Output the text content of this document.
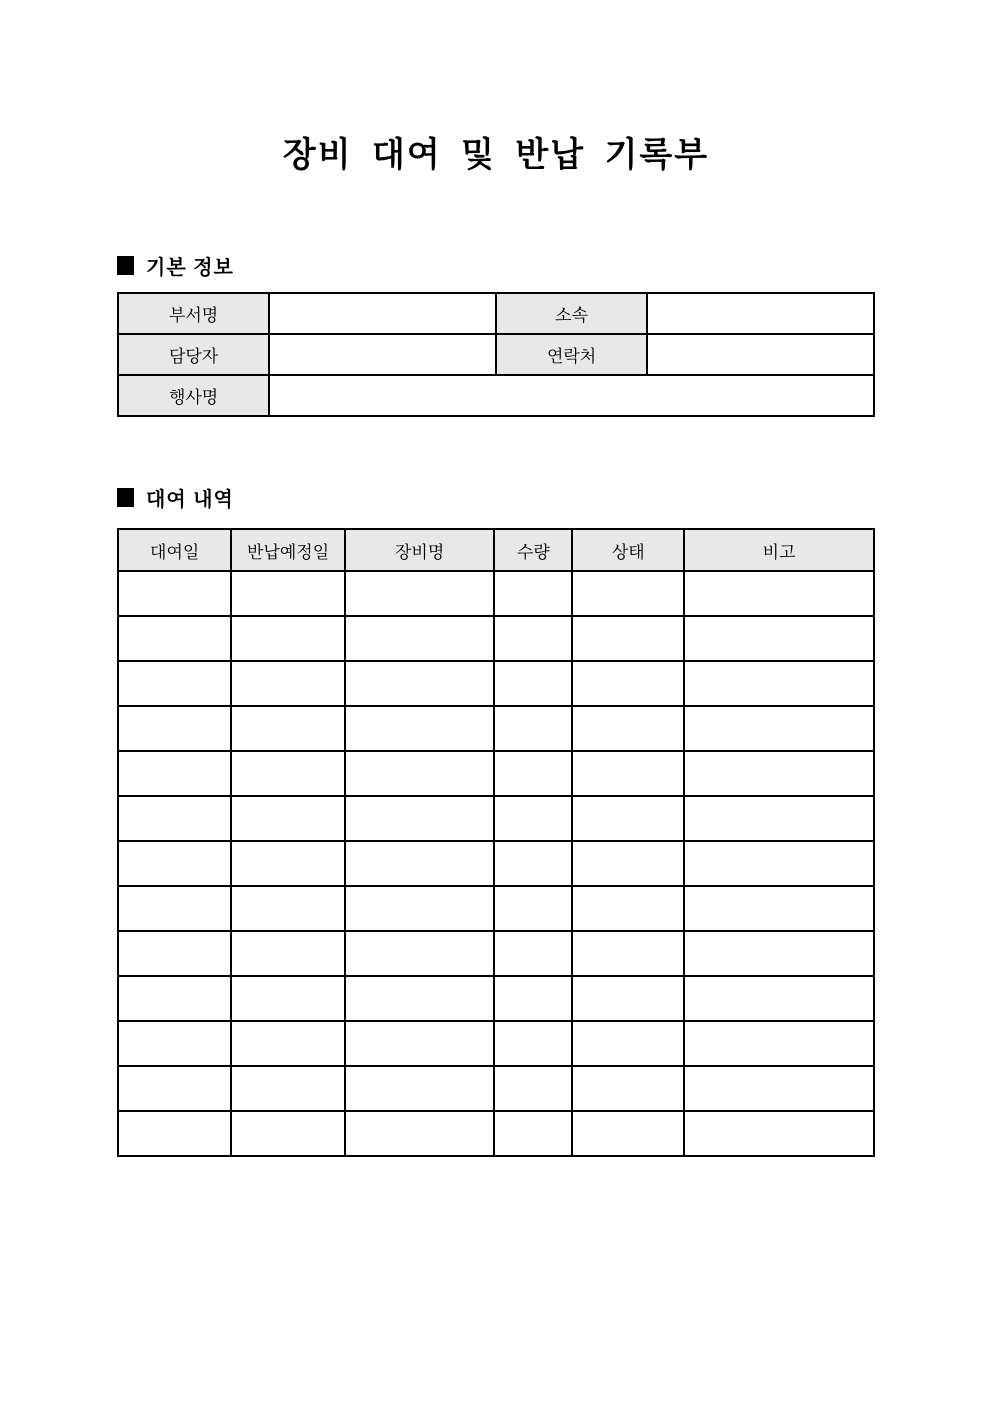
장비 대여 및 반납 기록부
기본 정보
부서명		소속	
담당자		연락처	
행사명			
대여 내역
대여일	반납예정일	장비명	수량	상태	비고
